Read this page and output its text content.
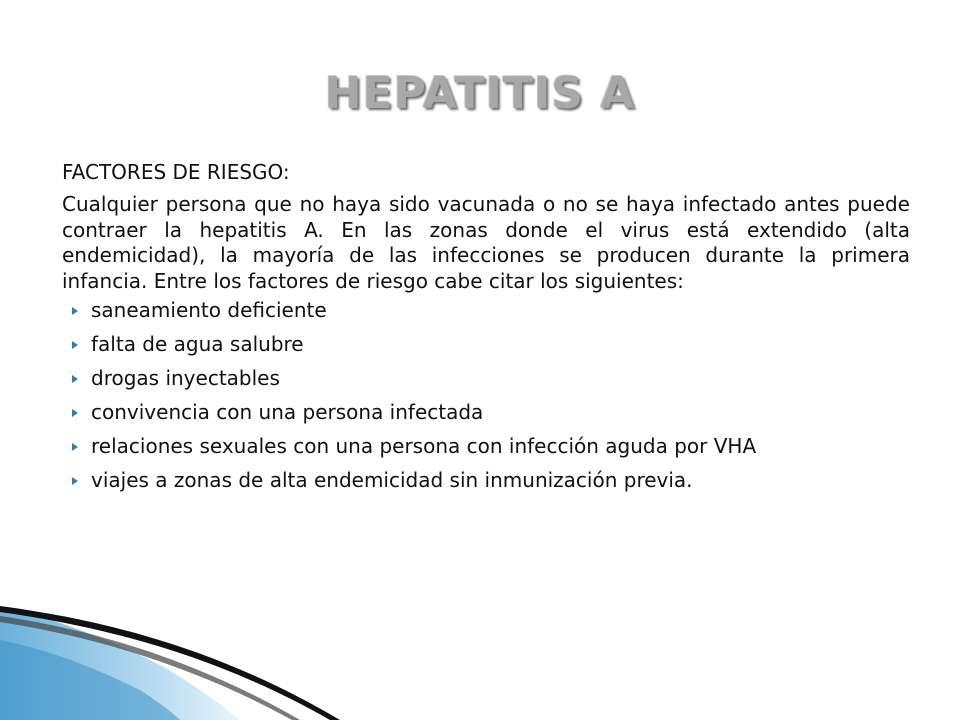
HEPATITIS A
FACTORES DE RIESGO:

Cualquier persona que no haya sido vacunada o no se haya infectado antes puede contraer la hepatitis A. En las zonas donde el virus está extendido (alta endemicidad), la mayoría de las infecciones se producen durante la primera infancia. Entre los factores de riesgo cabe citar los siguientes:

saneamiento deficiente
falta de agua salubre
drogas inyectables
convivencia con una persona infectada
relaciones sexuales con una persona con infección aguda por VHA
viajes a zonas de alta endemicidad sin inmunización previa.
